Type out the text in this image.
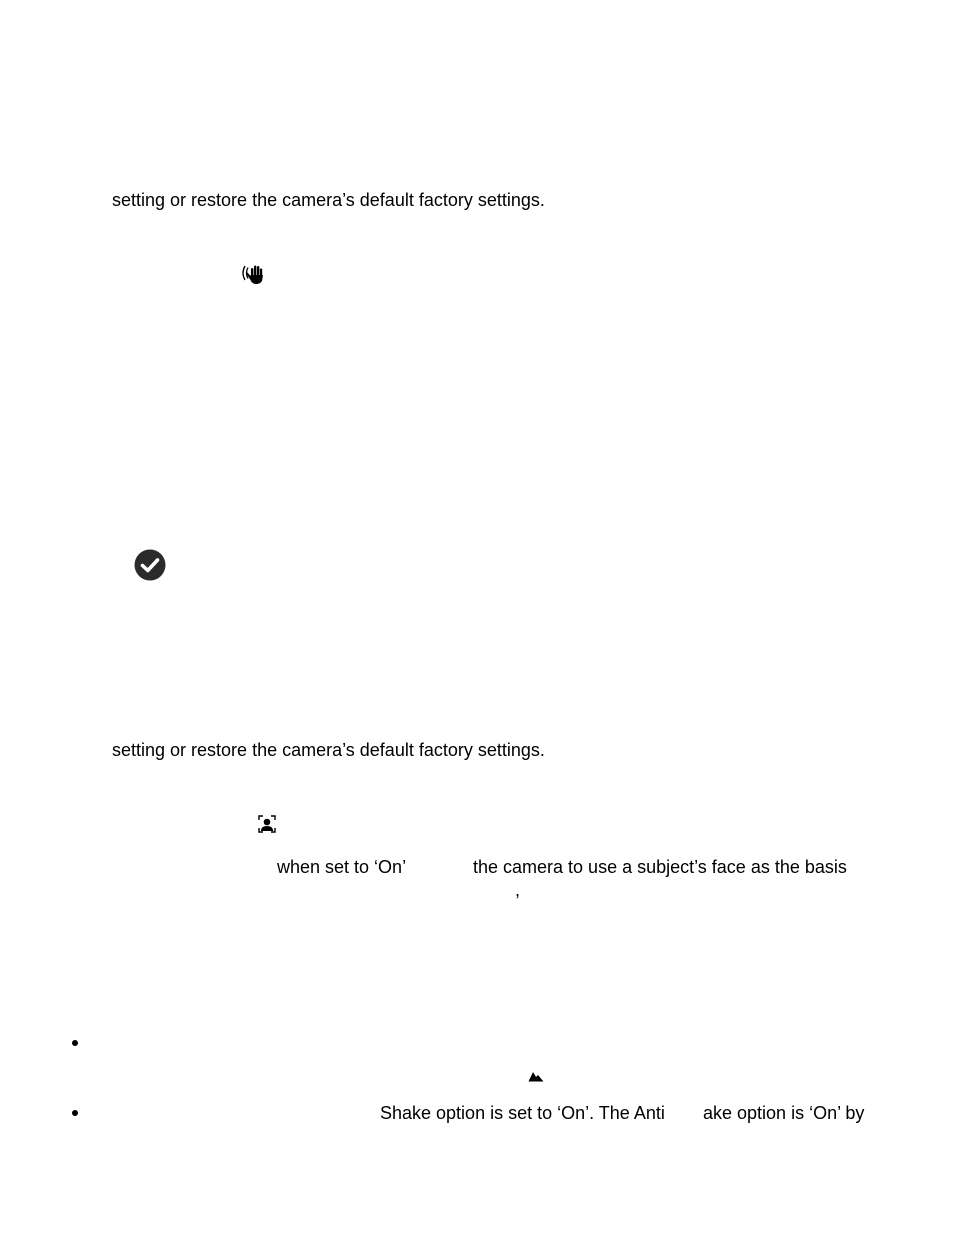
setting or restore the camera’s default factory settings.
setting or restore the camera’s default factory settings.
when set to ‘On’	the camera to use a subject’s face as the basis
,
Shake option is set to ‘On’. The Anti ake option is ‘On’ by
